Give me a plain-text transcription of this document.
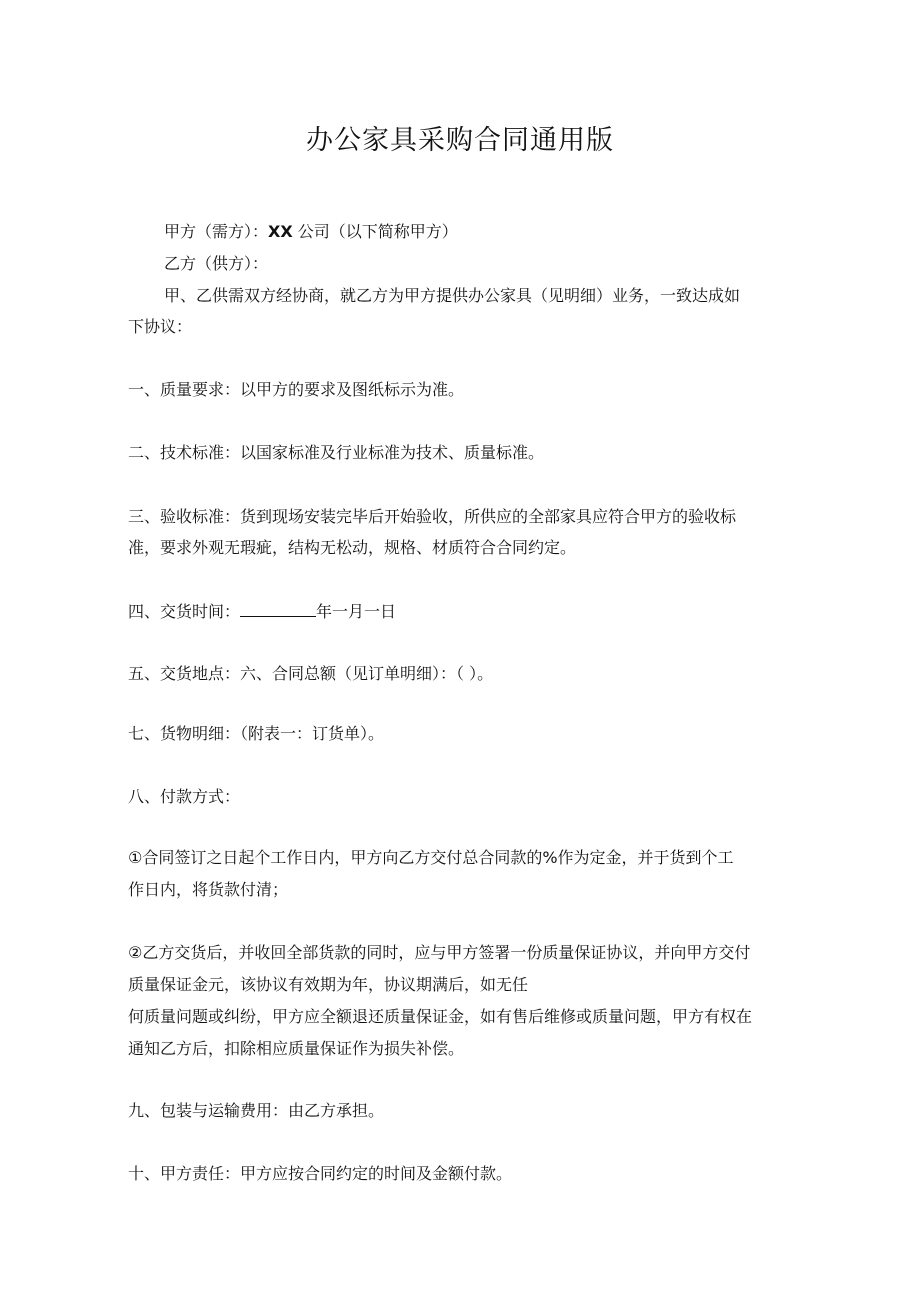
办公家具采购合同通用版
甲方（需方）：XX 公司（以下简称甲方）
乙方（供方）：
甲、乙供需双方经协商，就乙方为甲方提供办公家具（见明细）业务，一致达成如
下协议：
一、质量要求：以甲方的要求及图纸标示为准。
二、技术标准：以国家标准及行业标准为技术、质量标准。
三、验收标准：货到现场安装完毕后开始验收，所供应的全部家具应符合甲方的验收标
准，要求外观无瑕疵，结构无松动，规格、材质符合合同约定。
四、交货时间：	年一月一日
五、交货地点：六、合同总额（见订单明细）：（ ）。
七、货物明细：（附表一：订货单）。
八、付款方式：
①合同签订之日起个工作日内，甲方向乙方交付总合同款的%作为定金，并于货到个工
作日内，将货款付清；
②乙方交货后，并收回全部货款的同时，应与甲方签署一份质量保证协议，并向甲方交付
质量保证金元，该协议有效期为年，协议期满后，如无任
何质量问题或纠纷，甲方应全额退还质量保证金，如有售后维修或质量问题，甲方有权在
通知乙方后，扣除相应质量保证作为损失补偿。
九、包装与运输费用：由乙方承担。
十、甲方责任：甲方应按合同约定的时间及金额付款。
